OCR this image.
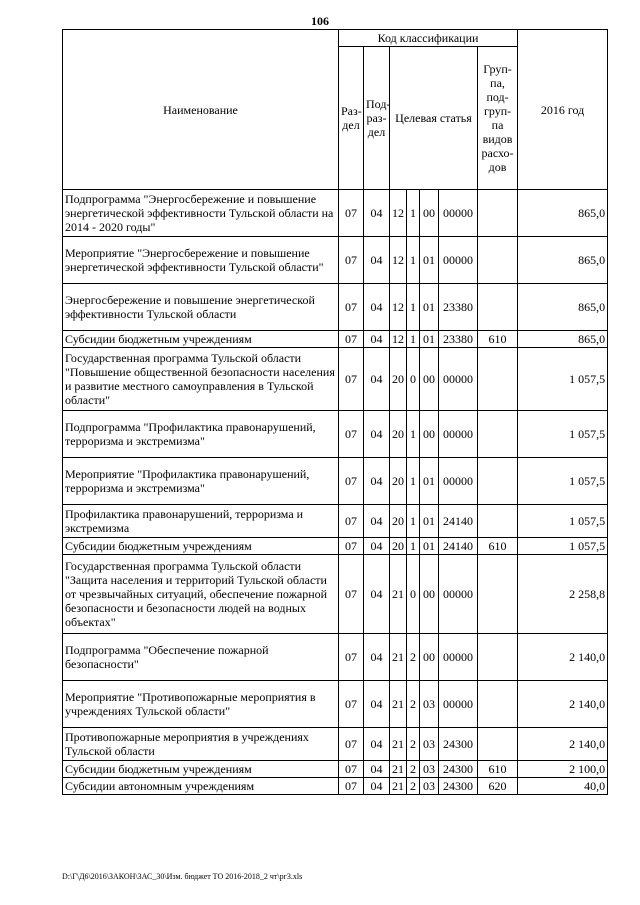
106
Наименование	Код классификации							2016 год
	Раз-дел	Под-раз-дел	Целевая статья				Груп-па, под-груп-па видов расхо-дов	
Подпрограмма "Энергосбережение и повышение энергетической эффективности Тульской области на 2014 - 2020 годы"	07	04	12	1	00	00000		865,0
Мероприятие "Энергосбережение и повышение энергетической эффективности Тульской области"	07	04	12	1	01	00000		865,0
Энергосбережение и повышение энергетической эффективности Тульской области	07	04	12	1	01	23380		865,0
Субсидии бюджетным учреждениям	07	04	12	1	01	23380	610	865,0
Государственная программа Тульской области "Повышение общественной безопасности населения и развитие местного самоуправления в Тульской области"	07	04	20	0	00	00000		1 057,5
Подпрограмма "Профилактика правонарушений, терроризма и экстремизма"	07	04	20	1	00	00000		1 057,5
Мероприятие "Профилактика правонарушений, терроризма и экстремизма"	07	04	20	1	01	00000		1 057,5
Профилактика правонарушений, терроризма и экстремизма	07	04	20	1	01	24140		1 057,5
Субсидии бюджетным учреждениям	07	04	20	1	01	24140	610	1 057,5
Государственная программа Тульской области "Защита населения и территорий Тульской области от чрезвычайных ситуаций, обеспечение пожарной безопасности и безопасности людей на водных объектах"	07	04	21	0	00	00000		2 258,8
Подпрограмма "Обеспечение пожарной безопасности"	07	04	21	2	00	00000		2 140,0
Мероприятие "Противопожарные мероприятия в учреждениях Тульской области"	07	04	21	2	03	00000		2 140,0
Противопожарные мероприятия в учреждениях Тульской области	07	04	21	2	03	24300		2 140,0
Субсидии бюджетным учреждениям	07	04	21	2	03	24300	610	2 100,0
Субсидии автономным учреждениям	07	04	21	2	03	24300	620	40,0
D:\Г\Д6\2016\ЗАКОН\ЗАС_30\Изм. бюджет ТО 2016-2018_2 чт\рг3.xls
